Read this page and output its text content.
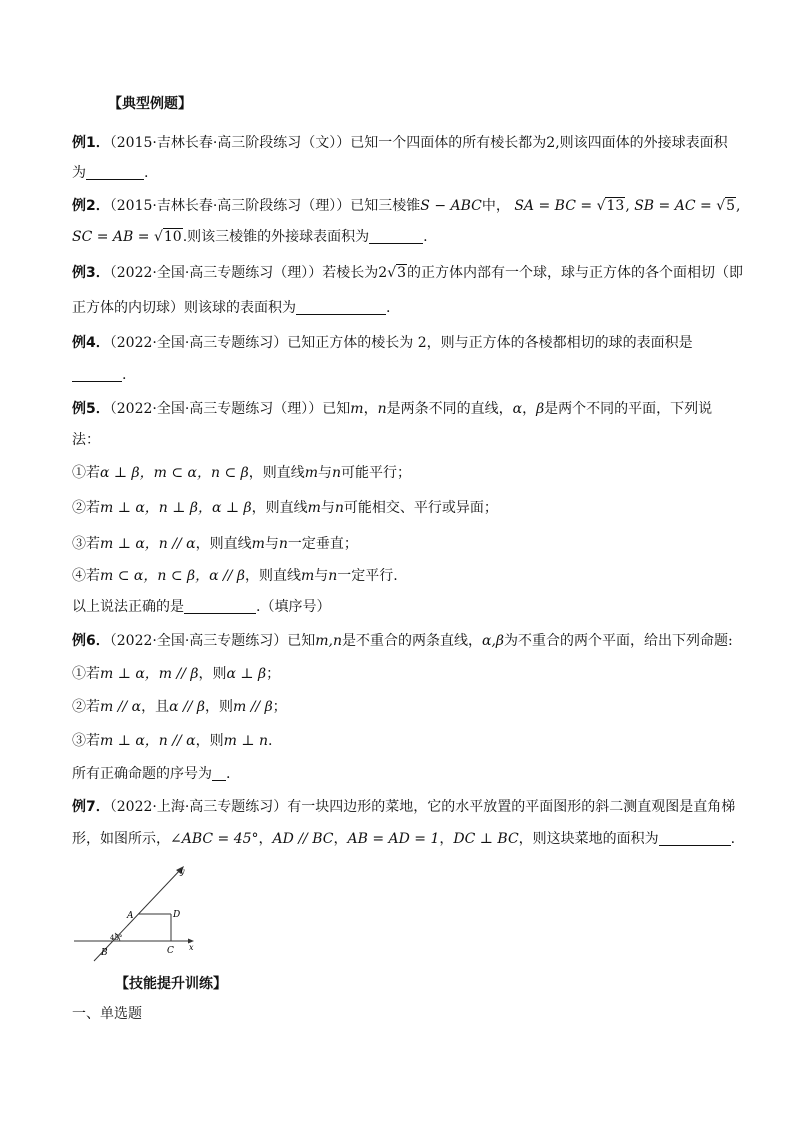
【典型例题】
例1．（2015·吉林长春·高三阶段练习（文））已知一个四面体的所有棱长都为2,则该四面体的外接球表面积
为	.
例2．（2015·吉林长春·高三阶段练习（理））已知三棱锥S − ABC中， SA = BC = √13, SB = AC = √5,
SC = AB = √10.则该三棱锥的外接球表面积为	.
例3．（2022·全国·高三专题练习（理））若棱长为2√3的正方体内部有一个球，球与正方体的各个面相切（即
正方体的内切球）则该球的表面积为	.
例4．（2022·全国·高三专题练习）已知正方体的棱长为 2，则与正方体的各棱都相切的球的表面积是
.
例5．（2022·全国·高三专题练习（理））已知m，n是两条不同的直线，α，β是两个不同的平面，下列说
法：
①若α ⊥ β，m ⊂ α，n ⊂ β，则直线m与n可能平行；
②若m ⊥ α，n ⊥ β，α ⊥ β，则直线m与n可能相交、平行或异面；
③若m ⊥ α，n // α，则直线m与n一定垂直；
④若m ⊂ α，n ⊂ β，α // β，则直线m与n一定平行.
以上说法正确的是	.（填序号）
例6．（2022·全国·高三专题练习）已知m,n是不重合的两条直线，α,β为不重合的两个平面，给出下列命题:
①若m ⊥ α，m // β，则α ⊥ β；
②若m // α，且α // β，则m // β；
③若m ⊥ α，n // α，则m ⊥ n.
所有正确命题的序号为 .
例7．（2022·上海·高三专题练习）有一块四边形的菜地，它的水平放置的平面图形的斜二测直观图是直角梯
形，如图所示，∠ABC = 45°，AD // BC，AB = AD = 1，DC ⊥ BC，则这块菜地的面积为	.
y
x
A	D
B	C
45°
【技能提升训练】
一、单选题
